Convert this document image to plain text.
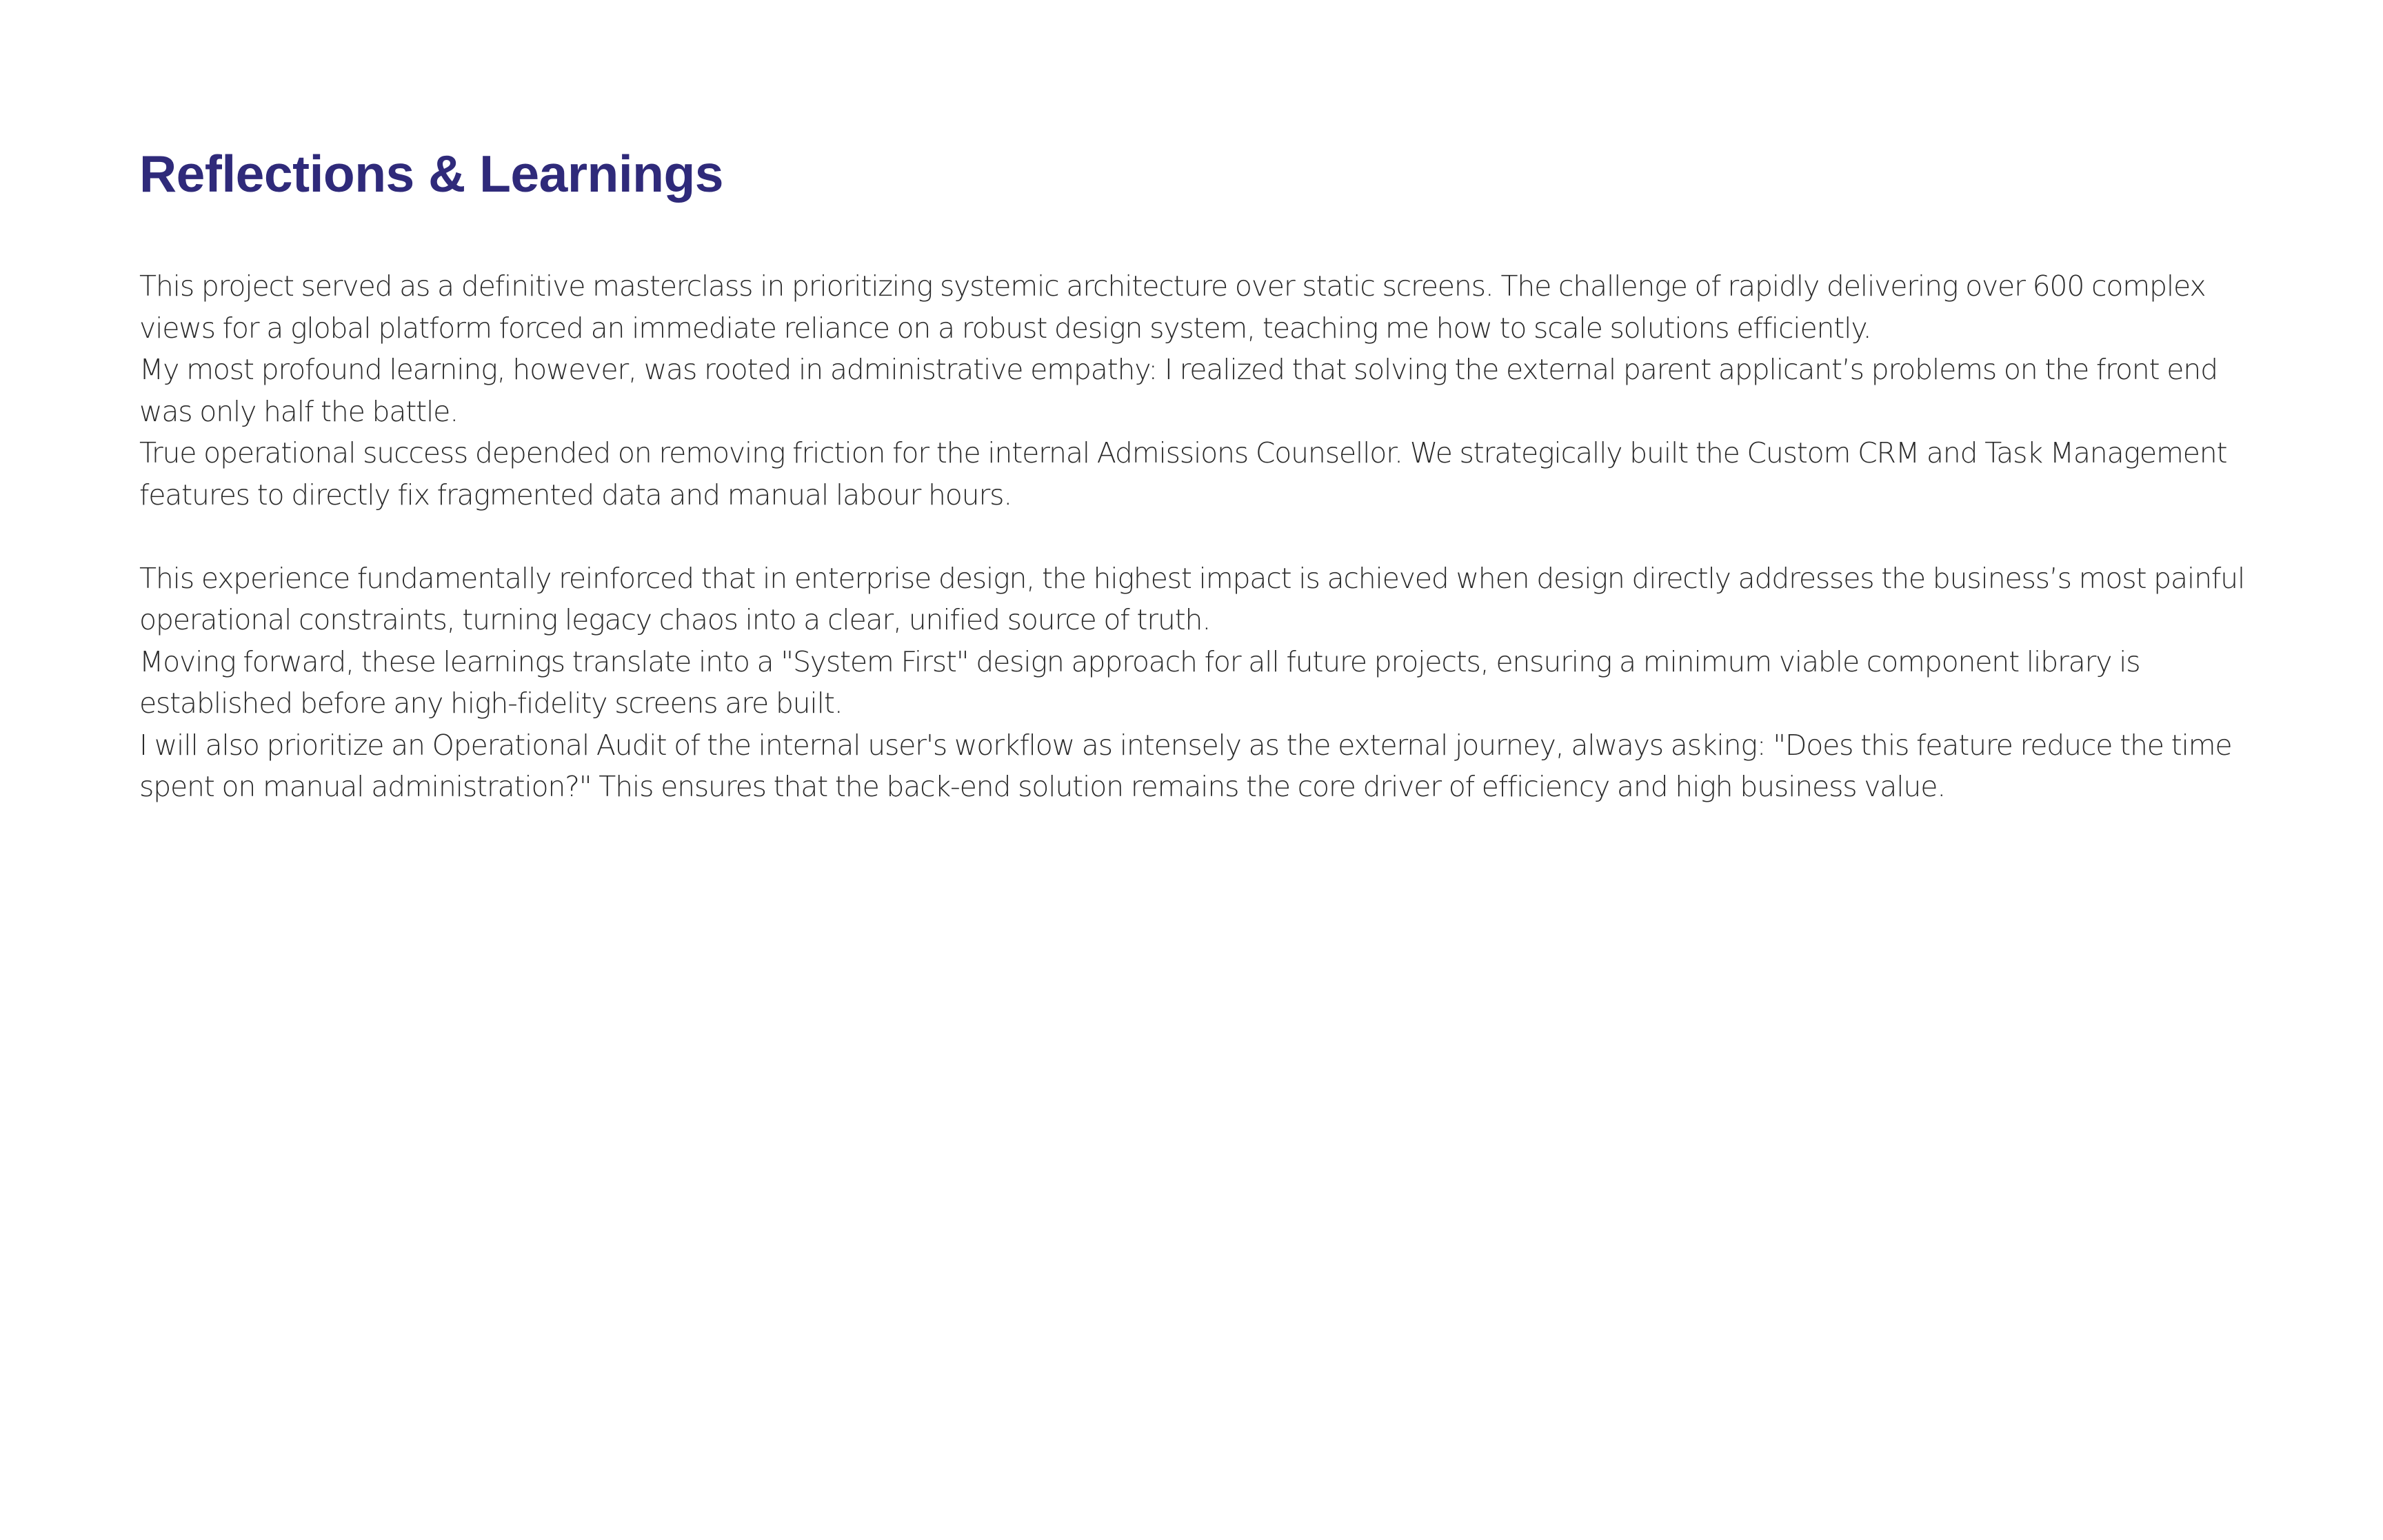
Reflections & Learnings

This project served as a definitive masterclass in prioritizing systemic architecture over static screens. The challenge of rapidly delivering over 600 complex views for a global platform forced an immediate reliance on a robust design system, teaching me how to scale solutions efficiently.

My most profound learning, however, was rooted in administrative empathy: I realized that solving the external parent applicant’s problems on the front end was only half the battle.

True operational success depended on removing friction for the internal Admissions Counsellor. We strategically built the Custom CRM and Task Management features to directly fix fragmented data and manual labour hours.

This experience fundamentally reinforced that in enterprise design, the highest impact is achieved when design directly addresses the business’s most painful operational constraints, turning legacy chaos into a clear, unified source of truth.

Moving forward, these learnings translate into a "System First" design approach for all future projects, ensuring a minimum viable component library is established before any high-fidelity screens are built.

I will also prioritize an Operational Audit of the internal user's workflow as intensely as the external journey, always asking: "Does this feature reduce the time spent on manual administration?" This ensures that the back-end solution remains the core driver of efficiency and high business value.
